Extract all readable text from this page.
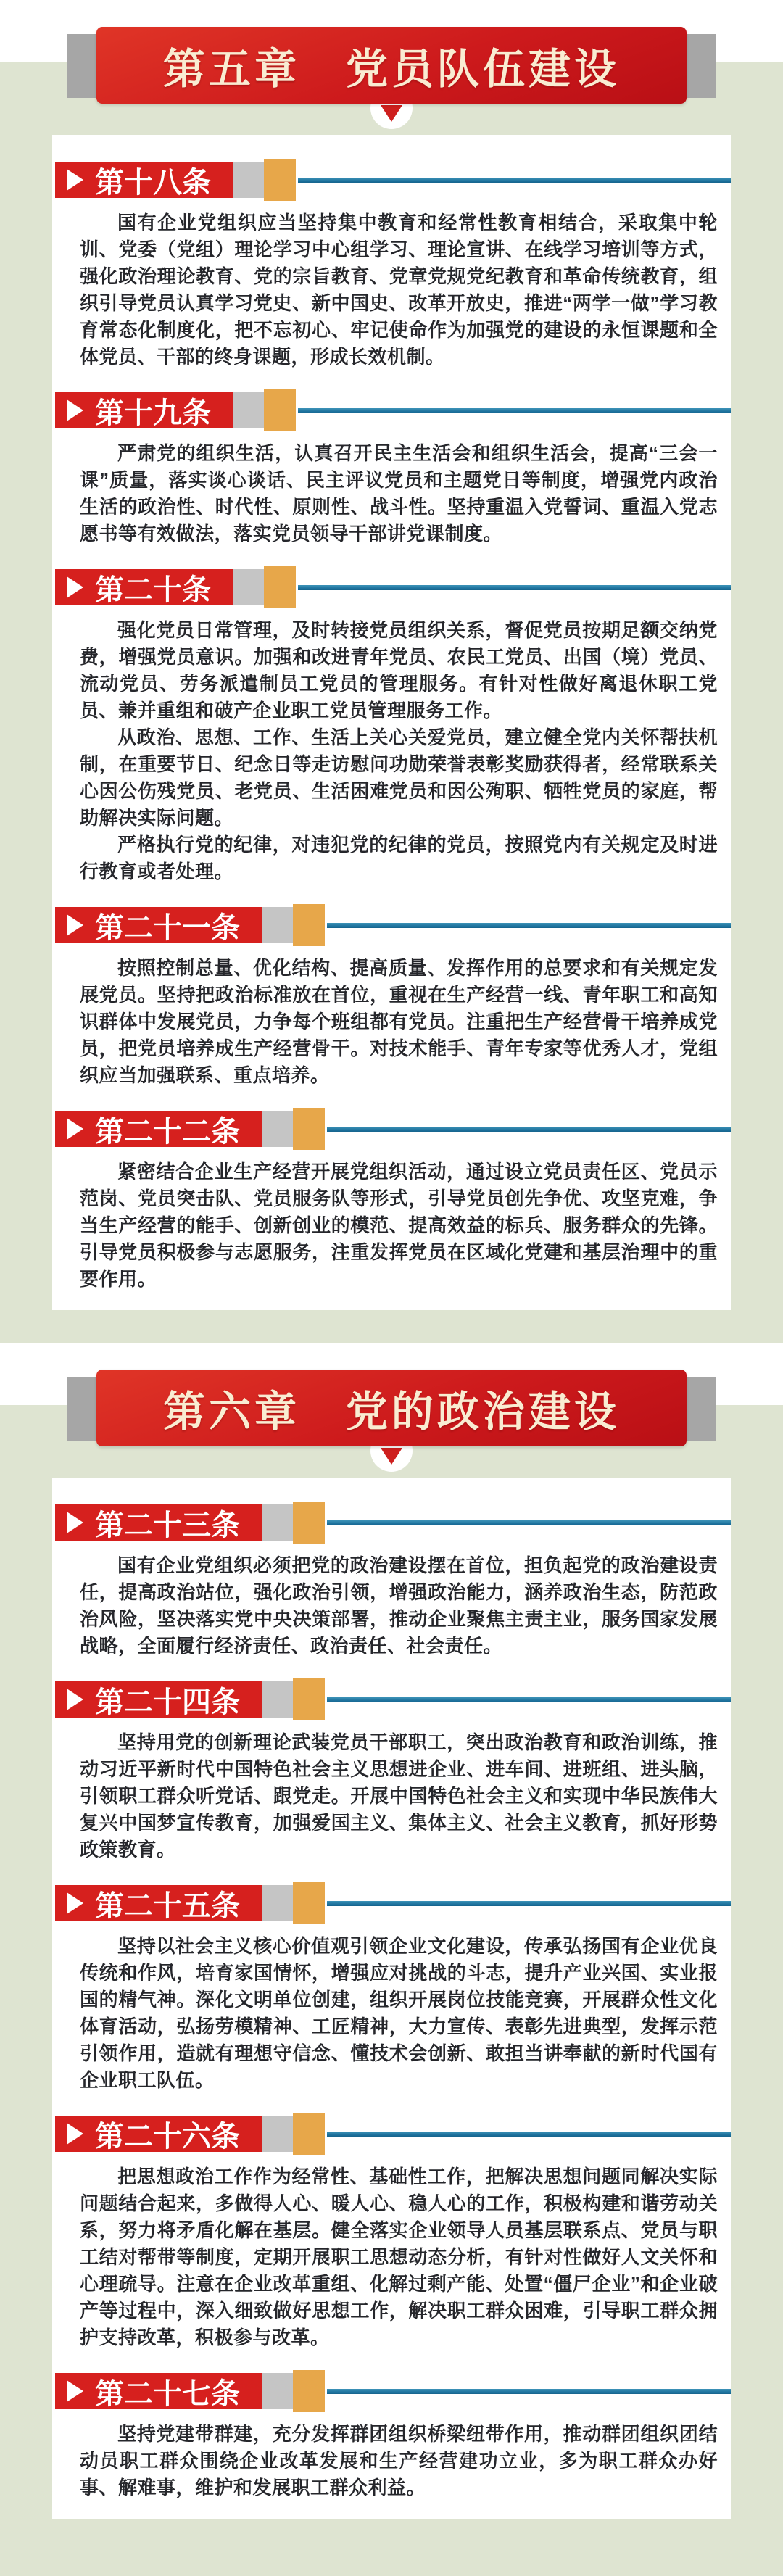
第五章　党员队伍建设
第十八条

国有企业党组织应当坚持集中教育和经常性教育相结合，采取集中轮训、党委（党组）理论学习中心组学习、理论宣讲、在线学习培训等方式，强化政治理论教育、党的宗旨教育、党章党规党纪教育和革命传统教育，组织引导党员认真学习党史、新中国史、改革开放史，推进“两学一做”学习教育常态化制度化，把不忘初心、牢记使命作为加强党的建设的永恒课题和全体党员、干部的终身课题，形成长效机制。

第十九条

严肃党的组织生活，认真召开民主生活会和组织生活会，提高“三会一课”质量，落实谈心谈话、民主评议党员和主题党日等制度，增强党内政治生活的政治性、时代性、原则性、战斗性。坚持重温入党誓词、重温入党志愿书等有效做法，落实党员领导干部讲党课制度。

第二十条

强化党员日常管理，及时转接党员组织关系，督促党员按期足额交纳党费，增强党员意识。加强和改进青年党员、农民工党员、出国（境）党员、流动党员、劳务派遣制员工党员的管理服务。有针对性做好离退休职工党员、兼并重组和破产企业职工党员管理服务工作。

从政治、思想、工作、生活上关心关爱党员，建立健全党内关怀帮扶机制，在重要节日、纪念日等走访慰问功勋荣誉表彰奖励获得者，经常联系关心因公伤残党员、老党员、生活困难党员和因公殉职、牺牲党员的家庭，帮助解决实际问题。

严格执行党的纪律，对违犯党的纪律的党员，按照党内有关规定及时进行教育或者处理。

第二十一条

按照控制总量、优化结构、提高质量、发挥作用的总要求和有关规定发展党员。坚持把政治标准放在首位，重视在生产经营一线、青年职工和高知识群体中发展党员，力争每个班组都有党员。注重把生产经营骨干培养成党员，把党员培养成生产经营骨干。对技术能手、青年专家等优秀人才，党组织应当加强联系、重点培养。

第二十二条

紧密结合企业生产经营开展党组织活动，通过设立党员责任区、党员示范岗、党员突击队、党员服务队等形式，引导党员创先争优、攻坚克难，争当生产经营的能手、创新创业的模范、提高效益的标兵、服务群众的先锋。引导党员积极参与志愿服务，注重发挥党员在区域化党建和基层治理中的重要作用。

第六章　党的政治建设
第二十三条

国有企业党组织必须把党的政治建设摆在首位，担负起党的政治建设责任，提高政治站位，强化政治引领，增强政治能力，涵养政治生态，防范政治风险，坚决落实党中央决策部署，推动企业聚焦主责主业，服务国家发展战略，全面履行经济责任、政治责任、社会责任。

第二十四条

坚持用党的创新理论武装党员干部职工，突出政治教育和政治训练，推动习近平新时代中国特色社会主义思想进企业、进车间、进班组、进头脑，引领职工群众听党话、跟党走。开展中国特色社会主义和实现中华民族伟大复兴中国梦宣传教育，加强爱国主义、集体主义、社会主义教育，抓好形势政策教育。

第二十五条

坚持以社会主义核心价值观引领企业文化建设，传承弘扬国有企业优良传统和作风，培育家国情怀，增强应对挑战的斗志，提升产业兴国、实业报国的精气神。深化文明单位创建，组织开展岗位技能竞赛，开展群众性文化体育活动，弘扬劳模精神、工匠精神，大力宣传、表彰先进典型，发挥示范引领作用，造就有理想守信念、懂技术会创新、敢担当讲奉献的新时代国有企业职工队伍。

第二十六条

把思想政治工作作为经常性、基础性工作，把解决思想问题同解决实际问题结合起来，多做得人心、暖人心、稳人心的工作，积极构建和谐劳动关系，努力将矛盾化解在基层。健全落实企业领导人员基层联系点、党员与职工结对帮带等制度，定期开展职工思想动态分析，有针对性做好人文关怀和心理疏导。注意在企业改革重组、化解过剩产能、处置“僵尸企业”和企业破产等过程中，深入细致做好思想工作，解决职工群众困难，引导职工群众拥护支持改革，积极参与改革。

第二十七条

坚持党建带群建，充分发挥群团组织桥梁纽带作用，推动群团组织团结动员职工群众围绕企业改革发展和生产经营建功立业，多为职工群众办好事、解难事，维护和发展职工群众利益。
